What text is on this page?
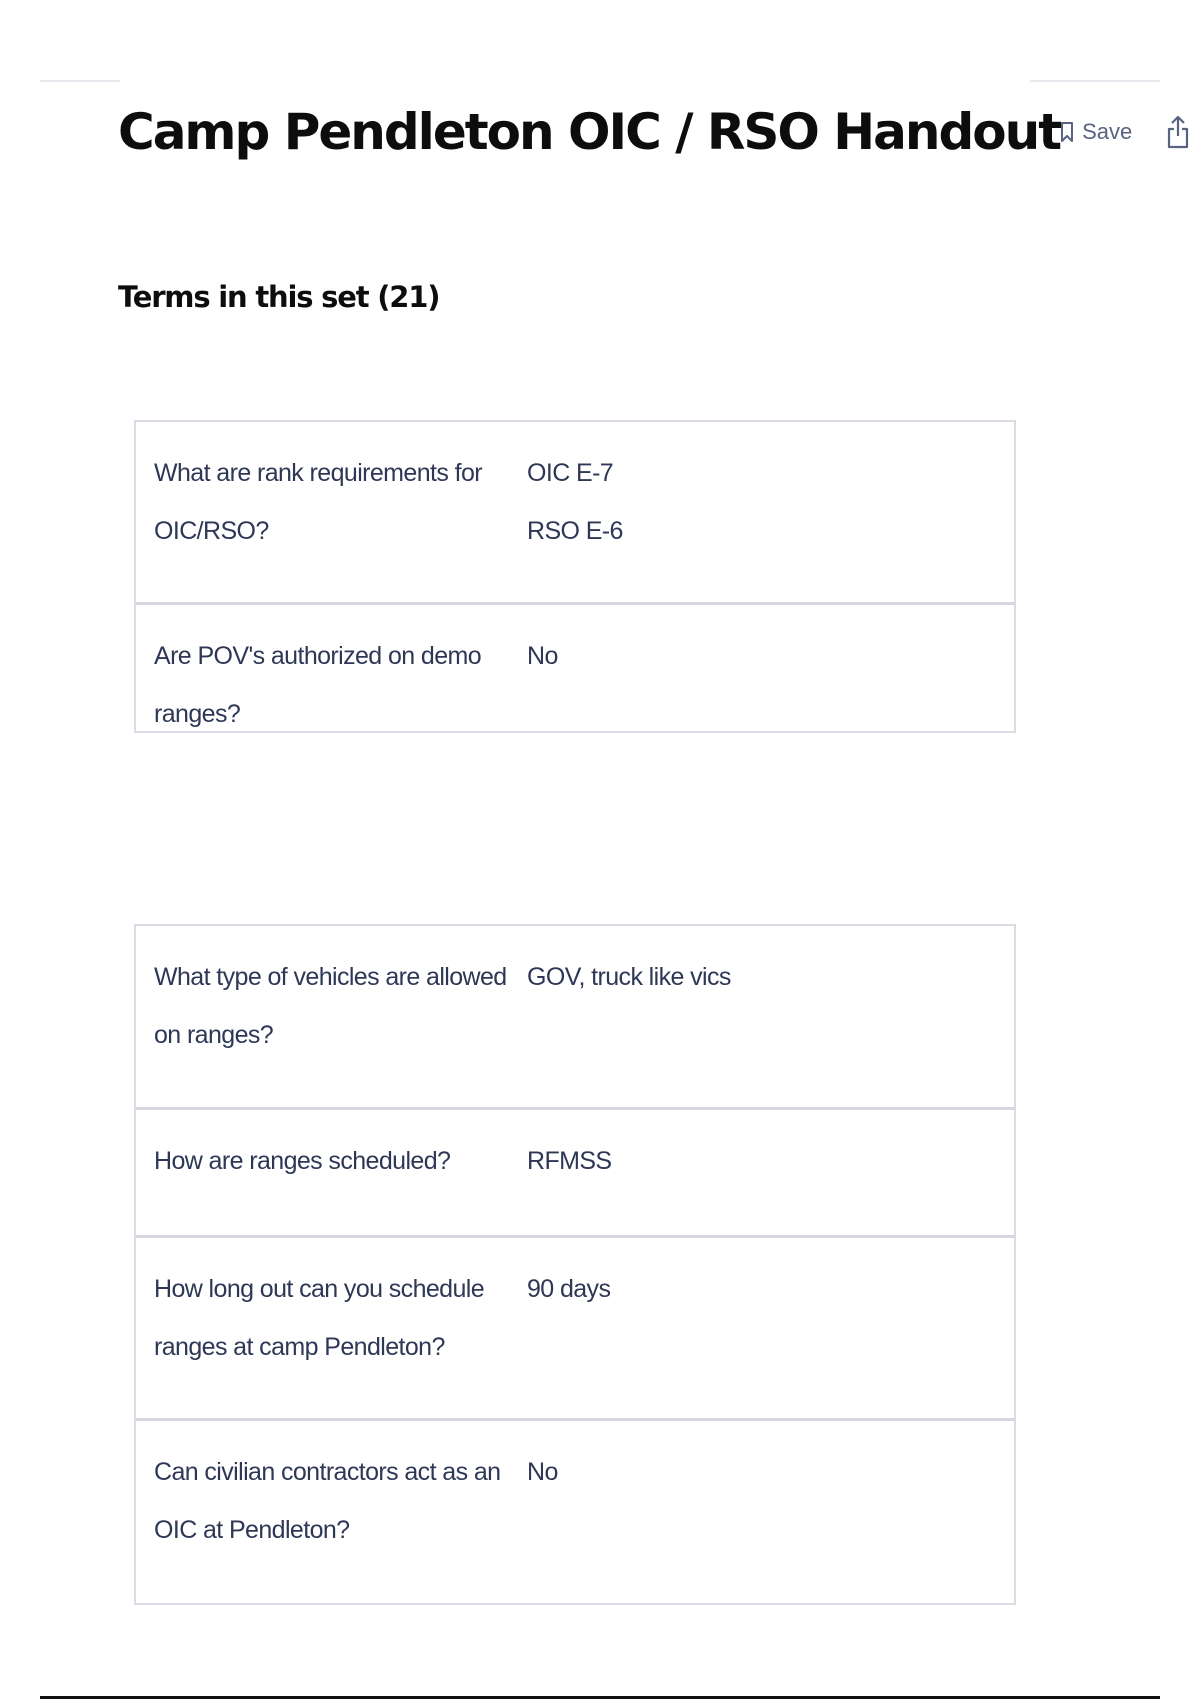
Camp Pendleton OIC / RSO Handout Save
Terms in this set (21)
What are rank requirements for OIC/RSO?
OIC E-7
RSO E-6
Are POV's authorized on demo ranges?
No
What type of vehicles are allowed on ranges?
GOV, truck like vics
How are ranges scheduled?	RFMSS
How long out can you schedule ranges at camp Pendleton?
90 days
Can civilian contractors act as an OIC at Pendleton?
No
